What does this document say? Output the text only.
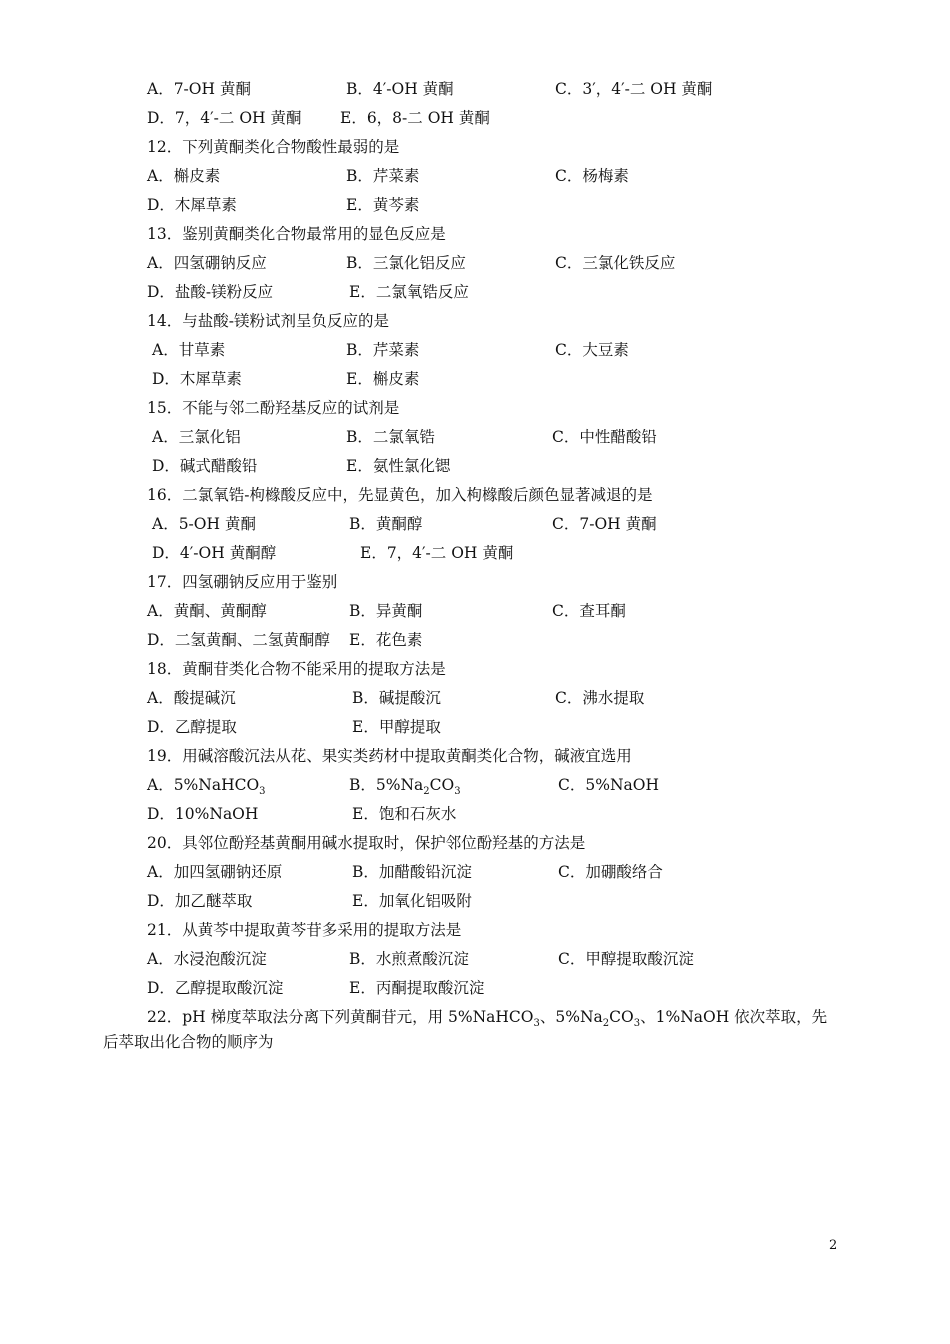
A．7-OH 黄酮	B．4′-OH 黄酮	C．3′，4′-二 OH 黄酮
D．7，4′-二 OH 黄酮 E．6，8-二 OH 黄酮
12．下列黄酮类化合物酸性最弱的是
A．槲皮素	B．芹菜素	C．杨梅素
D．木犀草素	E．黄芩素
13．鉴别黄酮类化合物最常用的显色反应是
A．四氢硼钠反应	B．三氯化铝反应	C．三氯化铁反应
D．盐酸-镁粉反应	E．二氯氧锆反应
14．与盐酸-镁粉试剂呈负反应的是
A．甘草素	B．芹菜素	C．大豆素
D．木犀草素	E．槲皮素
15．不能与邻二酚羟基反应的试剂是
A．三氯化铝	B．二氯氧锆	C．中性醋酸铅
D．碱式醋酸铅	E．氨性氯化锶
16．二氯氧锆-枸橼酸反应中，先显黄色，加入枸橼酸后颜色显著减退的是
A．5-OH 黄酮	B．黄酮醇	C．7-OH 黄酮
D．4′-OH 黄酮醇	E．7，4′-二 OH 黄酮
17．四氢硼钠反应用于鉴别
A．黄酮、黄酮醇	B．异黄酮	C．查耳酮
D．二氢黄酮、二氢黄酮醇 E．花色素
18．黄酮苷类化合物不能采用的提取方法是
A．酸提碱沉	B．碱提酸沉	C．沸水提取
D．乙醇提取	E．甲醇提取
19．用碱溶酸沉法从花、果实类药材中提取黄酮类化合物，碱液宜选用
A．5%NaHCO$_3$	B．$5\%Na_2CO_3$	C．5%NaOH
D．10%NaOH	E．饱和石灰水
20．具邻位酚羟基黄酮用碱水提取时，保护邻位酚羟基的方法是
A．加四氢硼钠还原	B．加醋酸铅沉淀	C．加硼酸络合
D．加乙醚萃取	E．加氧化铝吸附
21．从黄芩中提取黄芩苷多采用的提取方法是
A．水浸泡酸沉淀	B．水煎煮酸沉淀	C．甲醇提取酸沉淀
D．乙醇提取酸沉淀	E．丙酮提取酸沉淀
22．pH 梯度萃取法分离下列黄酮苷元，用 5%NaHCO$_3$、$5\%Na_2CO_3$、1%NaOH 依次萃取，先
后萃取出化合物的顺序为
2
